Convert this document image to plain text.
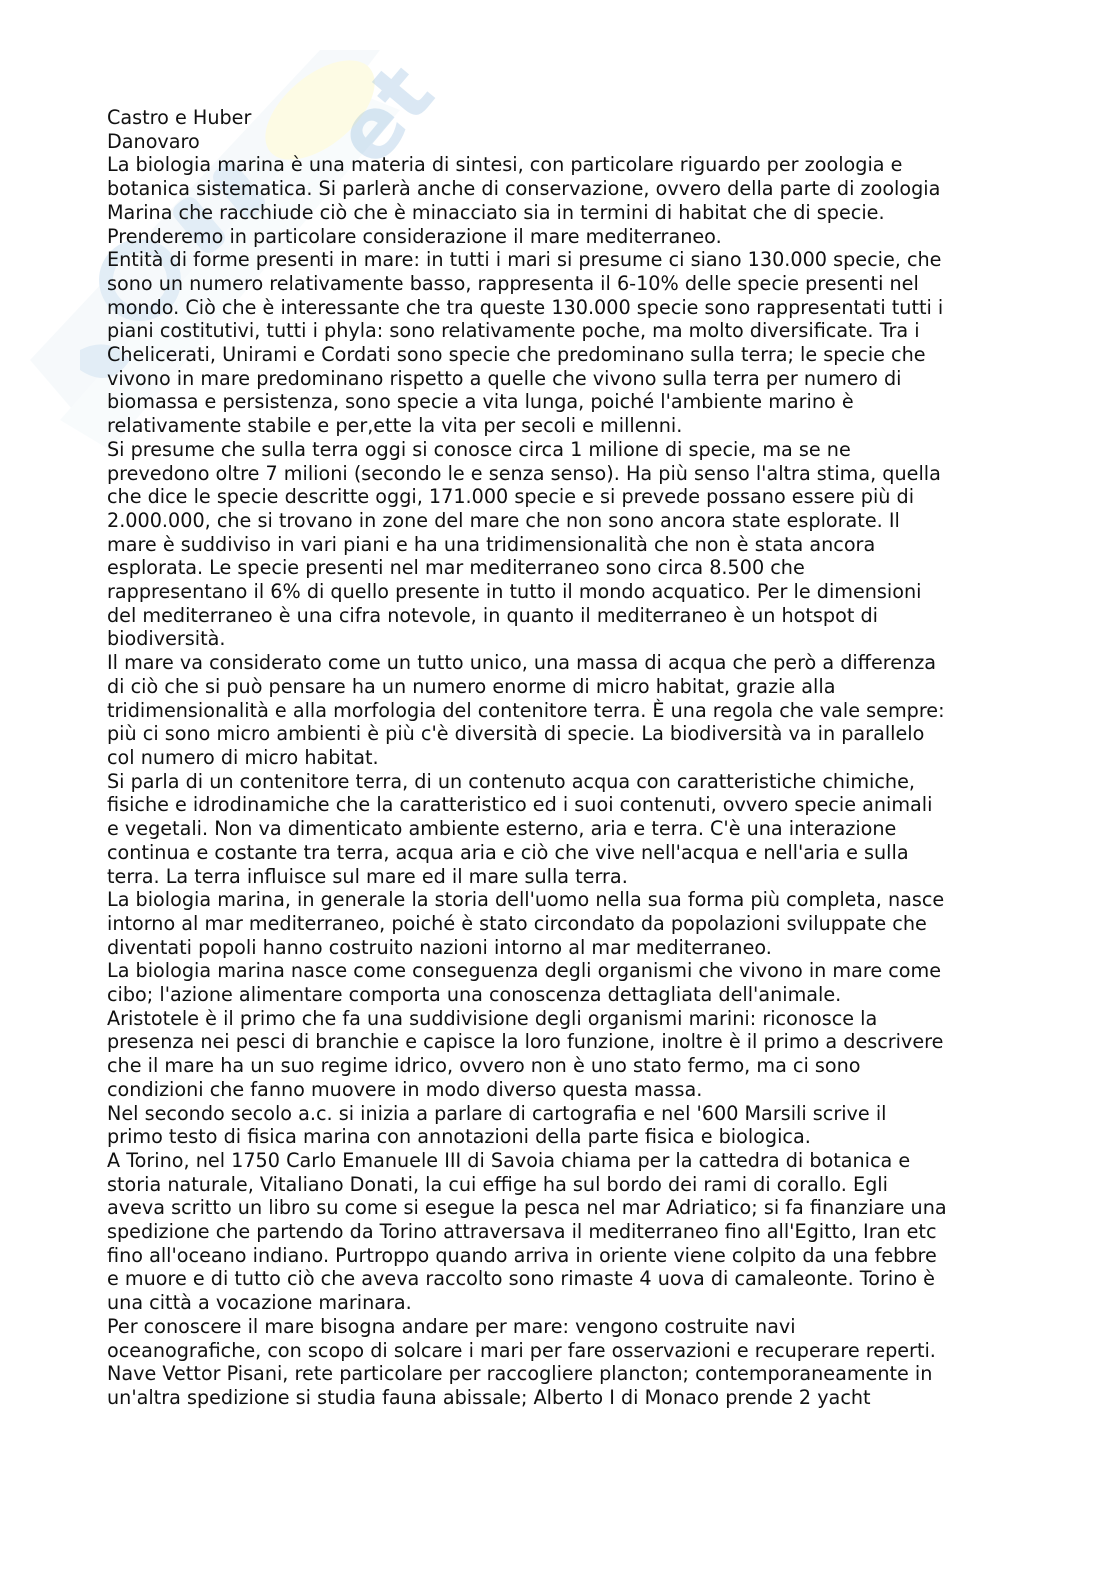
et
Castro e Huber
Danovaro
La biologia marina è una materia di sintesi, con particolare riguardo per zoologia e
botanica sistematica. Si parlerà anche di conservazione, ovvero della parte di zoologia
Marina che racchiude ciò che è minacciato sia in termini di habitat che di specie.
Prenderemo in particolare considerazione il mare mediterraneo.
Entità di forme presenti in mare: in tutti i mari si presume ci siano 130.000 specie, che
sono un numero relativamente basso, rappresenta il 6-10% delle specie presenti nel
mondo. Ciò che è interessante che tra queste 130.000 specie sono rappresentati tutti i
piani costitutivi, tutti i phyla: sono relativamente poche, ma molto diversificate. Tra i
Chelicerati, Unirami e Cordati sono specie che predominano sulla terra; le specie che
vivono in mare predominano rispetto a quelle che vivono sulla terra per numero di
biomassa e persistenza, sono specie a vita lunga, poiché l'ambiente marino è
relativamente stabile e per,ette la vita per secoli e millenni.
Si presume che sulla terra oggi si conosce circa 1 milione di specie, ma se ne
prevedono oltre 7 milioni (secondo le e senza senso). Ha più senso l'altra stima, quella
che dice le specie descritte oggi, 171.000 specie e si prevede possano essere più di
2.000.000, che si trovano in zone del mare che non sono ancora state esplorate. Il
mare è suddiviso in vari piani e ha una tridimensionalità che non è stata ancora
esplorata. Le specie presenti nel mar mediterraneo sono circa 8.500 che
rappresentano il 6% di quello presente in tutto il mondo acquatico. Per le dimensioni
del mediterraneo è una cifra notevole, in quanto il mediterraneo è un hotspot di
biodiversità.
Il mare va considerato come un tutto unico, una massa di acqua che però a differenza
di ciò che si può pensare ha un numero enorme di micro habitat, grazie alla
tridimensionalità e alla morfologia del contenitore terra. È una regola che vale sempre:
più ci sono micro ambienti è più c'è diversità di specie. La biodiversità va in parallelo
col numero di micro habitat.
Si parla di un contenitore terra, di un contenuto acqua con caratteristiche chimiche,
fisiche e idrodinamiche che la caratteristico ed i suoi contenuti, ovvero specie animali
e vegetali. Non va dimenticato ambiente esterno, aria e terra. C'è una interazione
continua e costante tra terra, acqua aria e ciò che vive nell'acqua e nell'aria e sulla
terra. La terra influisce sul mare ed il mare sulla terra.
La biologia marina, in generale la storia dell'uomo nella sua forma più completa, nasce
intorno al mar mediterraneo, poiché è stato circondato da popolazioni sviluppate che
diventati popoli hanno costruito nazioni intorno al mar mediterraneo.
La biologia marina nasce come conseguenza degli organismi che vivono in mare come
cibo; l'azione alimentare comporta una conoscenza dettagliata dell'animale.
Aristotele è il primo che fa una suddivisione degli organismi marini: riconosce la
presenza nei pesci di branchie e capisce la loro funzione, inoltre è il primo a descrivere
che il mare ha un suo regime idrico, ovvero non è uno stato fermo, ma ci sono
condizioni che fanno muovere in modo diverso questa massa.
Nel secondo secolo a.c. si inizia a parlare di cartografia e nel '600 Marsili scrive il
primo testo di fisica marina con annotazioni della parte fisica e biologica.
A Torino, nel 1750 Carlo Emanuele III di Savoia chiama per la cattedra di botanica e
storia naturale, Vitaliano Donati, la cui effige ha sul bordo dei rami di corallo. Egli
aveva scritto un libro su come si esegue la pesca nel mar Adriatico; si fa finanziare una
spedizione che partendo da Torino attraversava il mediterraneo fino all'Egitto, Iran etc
fino all'oceano indiano. Purtroppo quando arriva in oriente viene colpito da una febbre
e muore e di tutto ciò che aveva raccolto sono rimaste 4 uova di camaleonte. Torino è
una città a vocazione marinara.
Per conoscere il mare bisogna andare per mare: vengono costruite navi
oceanografiche, con scopo di solcare i mari per fare osservazioni e recuperare reperti.
Nave Vettor Pisani, rete particolare per raccogliere plancton; contemporaneamente in
un'altra spedizione si studia fauna abissale; Alberto I di Monaco prende 2 yacht
